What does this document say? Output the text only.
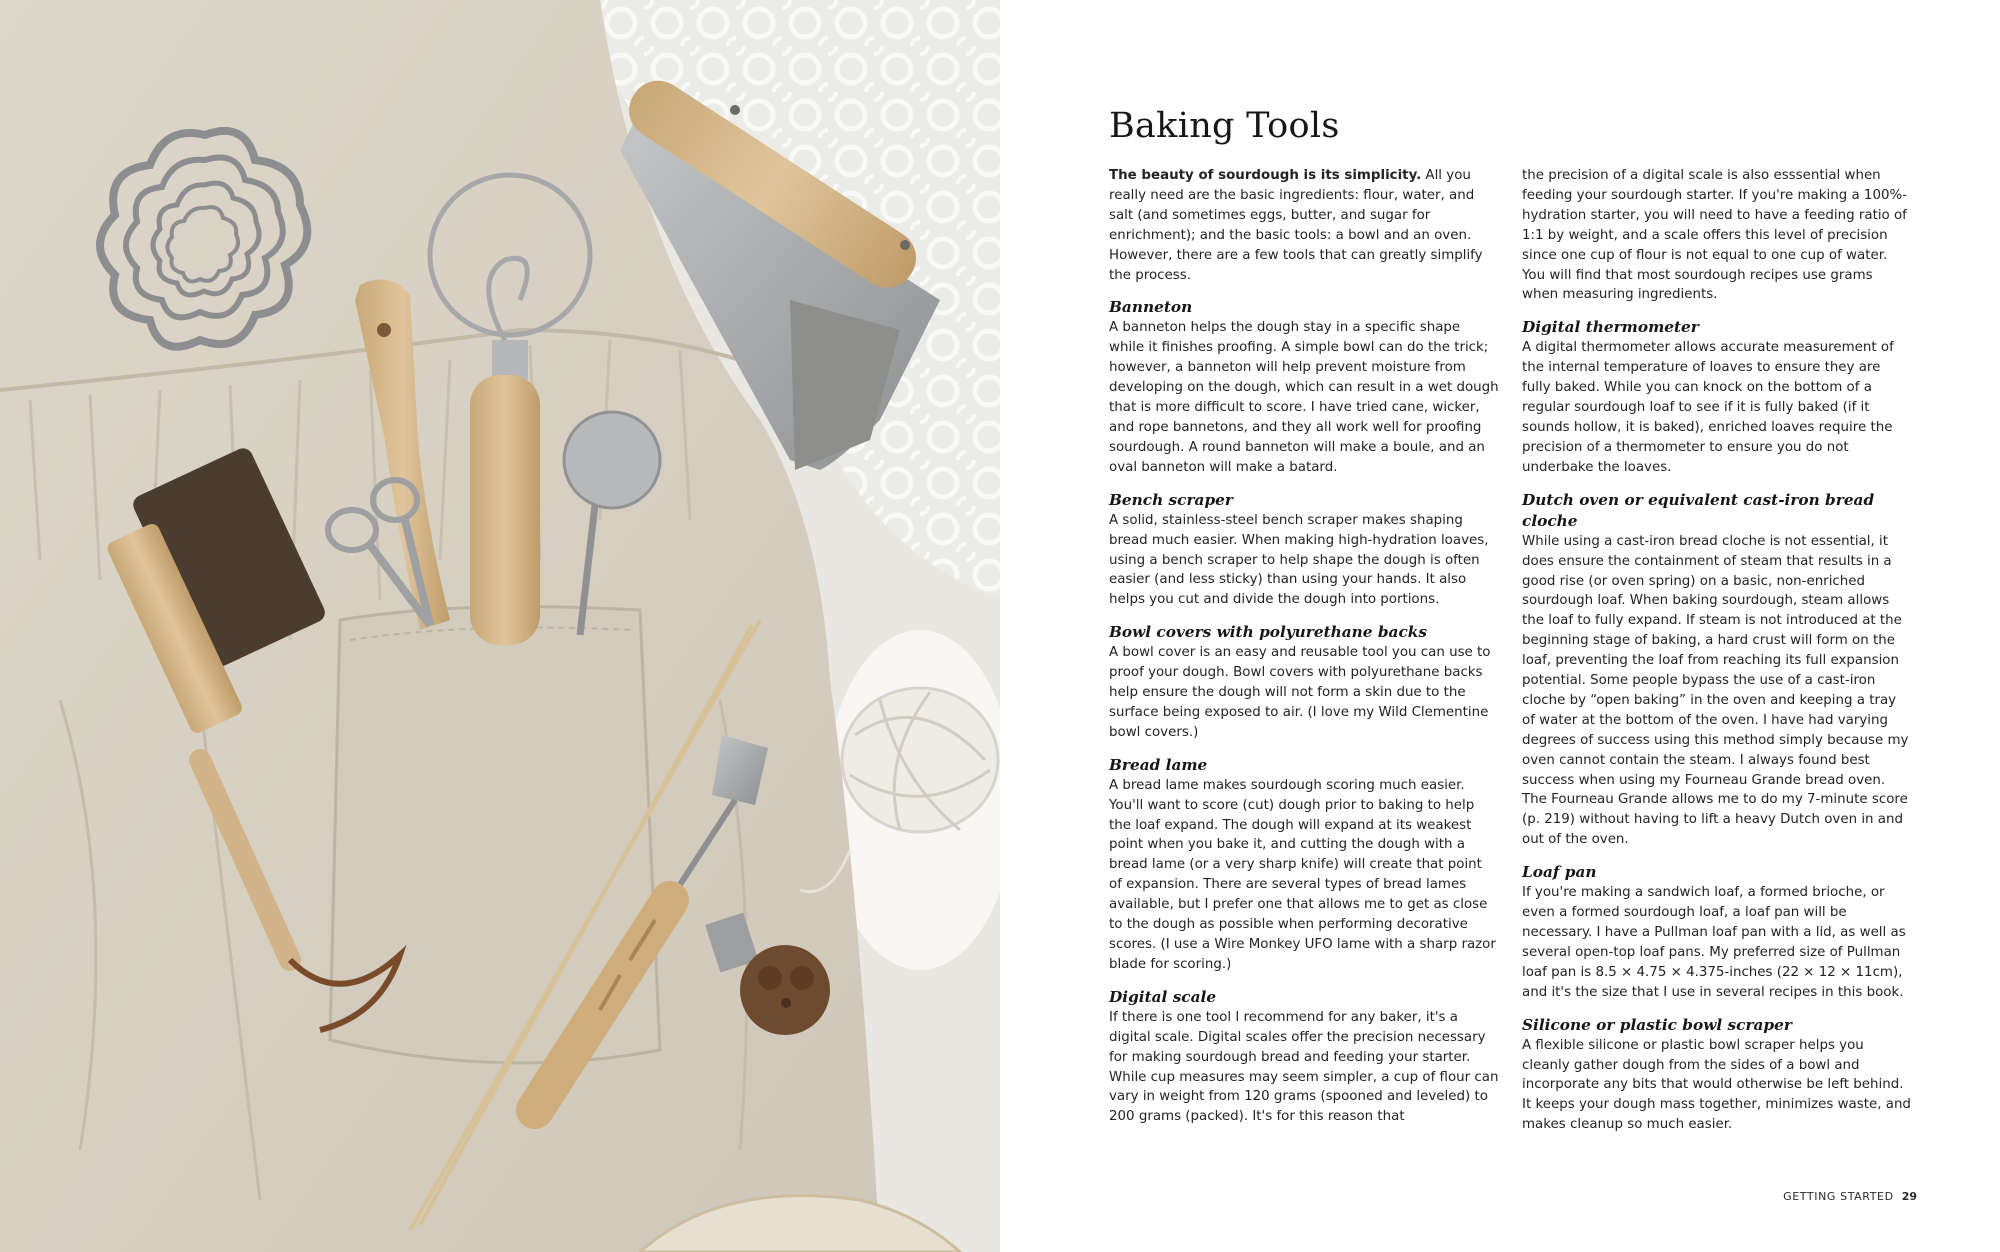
Baking Tools

The beauty of sourdough is its simplicity. All you really need are the basic ingredients: flour, water, and salt (and sometimes eggs, butter, and sugar for enrichment); and the basic tools: a bowl and an oven. However, there are a few tools that can greatly simplify the process.

Banneton

A banneton helps the dough stay in a specific shape while it finishes proofing. A simple bowl can do the trick; however, a banneton will help prevent moisture from developing on the dough, which can result in a wet dough that is more difficult to score. I have tried cane, wicker, and rope bannetons, and they all work well for proofing sourdough. A round banneton will make a boule, and an oval banneton will make a batard.

Bench scraper

A solid, stainless-steel bench scraper makes shaping bread much easier. When making high-hydration loaves, using a bench scraper to help shape the dough is often easier (and less sticky) than using your hands. It also helps you cut and divide the dough into portions.

Bowl covers with polyurethane backs

A bowl cover is an easy and reusable tool you can use to proof your dough. Bowl covers with polyurethane backs help ensure the dough will not form a skin due to the surface being exposed to air. (I love my Wild Clementine bowl covers.)

Bread lame

A bread lame makes sourdough scoring much easier. You'll want to score (cut) dough prior to baking to help the loaf expand. The dough will expand at its weakest point when you bake it, and cutting the dough with a bread lame (or a very sharp knife) will create that point of expansion. There are several types of bread lames available, but I prefer one that allows me to get as close to the dough as possible when performing decorative scores. (I use a Wire Monkey UFO lame with a sharp razor blade for scoring.)

Digital scale

If there is one tool I recommend for any baker, it's a digital scale. Digital scales offer the precision necessary for making sourdough bread and feeding your starter. While cup measures may seem simpler, a cup of flour can vary in weight from 120 grams (spooned and leveled) to 200 grams (packed). It's for this reason that

the precision of a digital scale is also esssential when feeding your sourdough starter. If you're making a 100%-hydration starter, you will need to have a feeding ratio of 1:1 by weight, and a scale offers this level of precision since one cup of flour is not equal to one cup of water. You will find that most sourdough recipes use grams when measuring ingredients.

Digital thermometer

A digital thermometer allows accurate measurement of the internal temperature of loaves to ensure they are fully baked. While you can knock on the bottom of a regular sourdough loaf to see if it is fully baked (if it sounds hollow, it is baked), enriched loaves require the precision of a thermometer to ensure you do not underbake the loaves.

Dutch oven or equivalent cast-iron bread cloche

While using a cast-iron bread cloche is not essential, it does ensure the containment of steam that results in a good rise (or oven spring) on a basic, non-enriched sourdough loaf. When baking sourdough, steam allows the loaf to fully expand. If steam is not introduced at the beginning stage of baking, a hard crust will form on the loaf, preventing the loaf from reaching its full expansion potential. Some people bypass the use of a cast-iron cloche by “open baking” in the oven and keeping a tray of water at the bottom of the oven. I have had varying degrees of success using this method simply because my oven cannot contain the steam. I always found best success when using my Fourneau Grande bread oven. The Fourneau Grande allows me to do my 7-minute score (p. 219) without having to lift a heavy Dutch oven in and out of the oven.

Loaf pan

If you're making a sandwich loaf, a formed brioche, or even a formed sourdough loaf, a loaf pan will be necessary. I have a Pullman loaf pan with a lid, as well as several open-top loaf pans. My preferred size of Pullman loaf pan is 8.5 × 4.75 × 4.375-inches (22 × 12 × 11cm), and it's the size that I use in several recipes in this book.

Silicone or plastic bowl scraper

A flexible silicone or plastic bowl scraper helps you cleanly gather dough from the sides of a bowl and incorporate any bits that would otherwise be left behind. It keeps your dough mass together, minimizes waste, and makes cleanup so much easier.

GETTING STARTED 29
